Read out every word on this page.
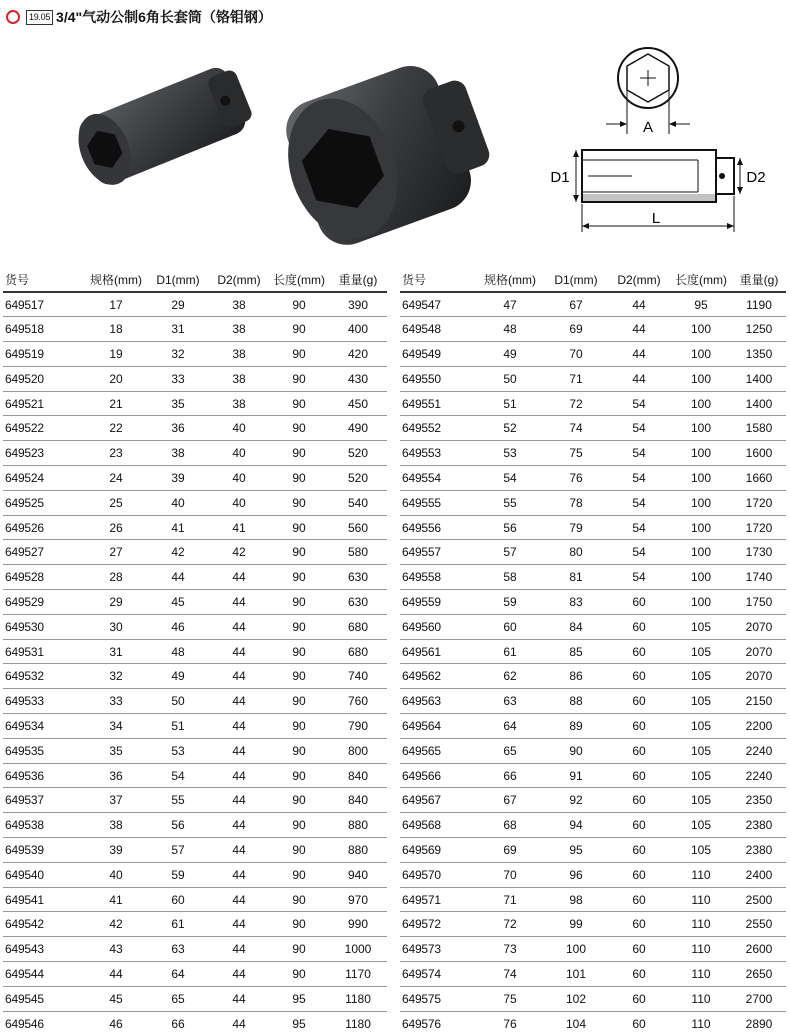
19.05 3/4"气动公制6角长套筒（铬钼钢）
A
D1	D2
L
货号	规格(mm)	D1(mm)	D2(mm)	长度(mm)	重量(g)
649517	17	29	38	90	390
649518	18	31	38	90	400
649519	19	32	38	90	420
649520	20	33	38	90	430
649521	21	35	38	90	450
649522	22	36	40	90	490
649523	23	38	40	90	520
649524	24	39	40	90	520
649525	25	40	40	90	540
649526	26	41	41	90	560
649527	27	42	42	90	580
649528	28	44	44	90	630
649529	29	45	44	90	630
649530	30	46	44	90	680
649531	31	48	44	90	680
649532	32	49	44	90	740
649533	33	50	44	90	760
649534	34	51	44	90	790
649535	35	53	44	90	800
649536	36	54	44	90	840
649537	37	55	44	90	840
649538	38	56	44	90	880
649539	39	57	44	90	880
649540	40	59	44	90	940
649541	41	60	44	90	970
649542	42	61	44	90	990
649543	43	63	44	90	1000
649544	44	64	44	90	1170
649545	45	65	44	95	1180
649546	46	66	44	95	1180
货号	规格(mm)	D1(mm)	D2(mm)	长度(mm)	重量(g)
649547	47	67	44	95	1190
649548	48	69	44	100	1250
649549	49	70	44	100	1350
649550	50	71	44	100	1400
649551	51	72	54	100	1400
649552	52	74	54	100	1580
649553	53	75	54	100	1600
649554	54	76	54	100	1660
649555	55	78	54	100	1720
649556	56	79	54	100	1720
649557	57	80	54	100	1730
649558	58	81	54	100	1740
649559	59	83	60	100	1750
649560	60	84	60	105	2070
649561	61	85	60	105	2070
649562	62	86	60	105	2070
649563	63	88	60	105	2150
649564	64	89	60	105	2200
649565	65	90	60	105	2240
649566	66	91	60	105	2240
649567	67	92	60	105	2350
649568	68	94	60	105	2380
649569	69	95	60	105	2380
649570	70	96	60	110	2400
649571	71	98	60	110	2500
649572	72	99	60	110	2550
649573	73	100	60	110	2600
649574	74	101	60	110	2650
649575	75	102	60	110	2700
649576	76	104	60	110	2890
